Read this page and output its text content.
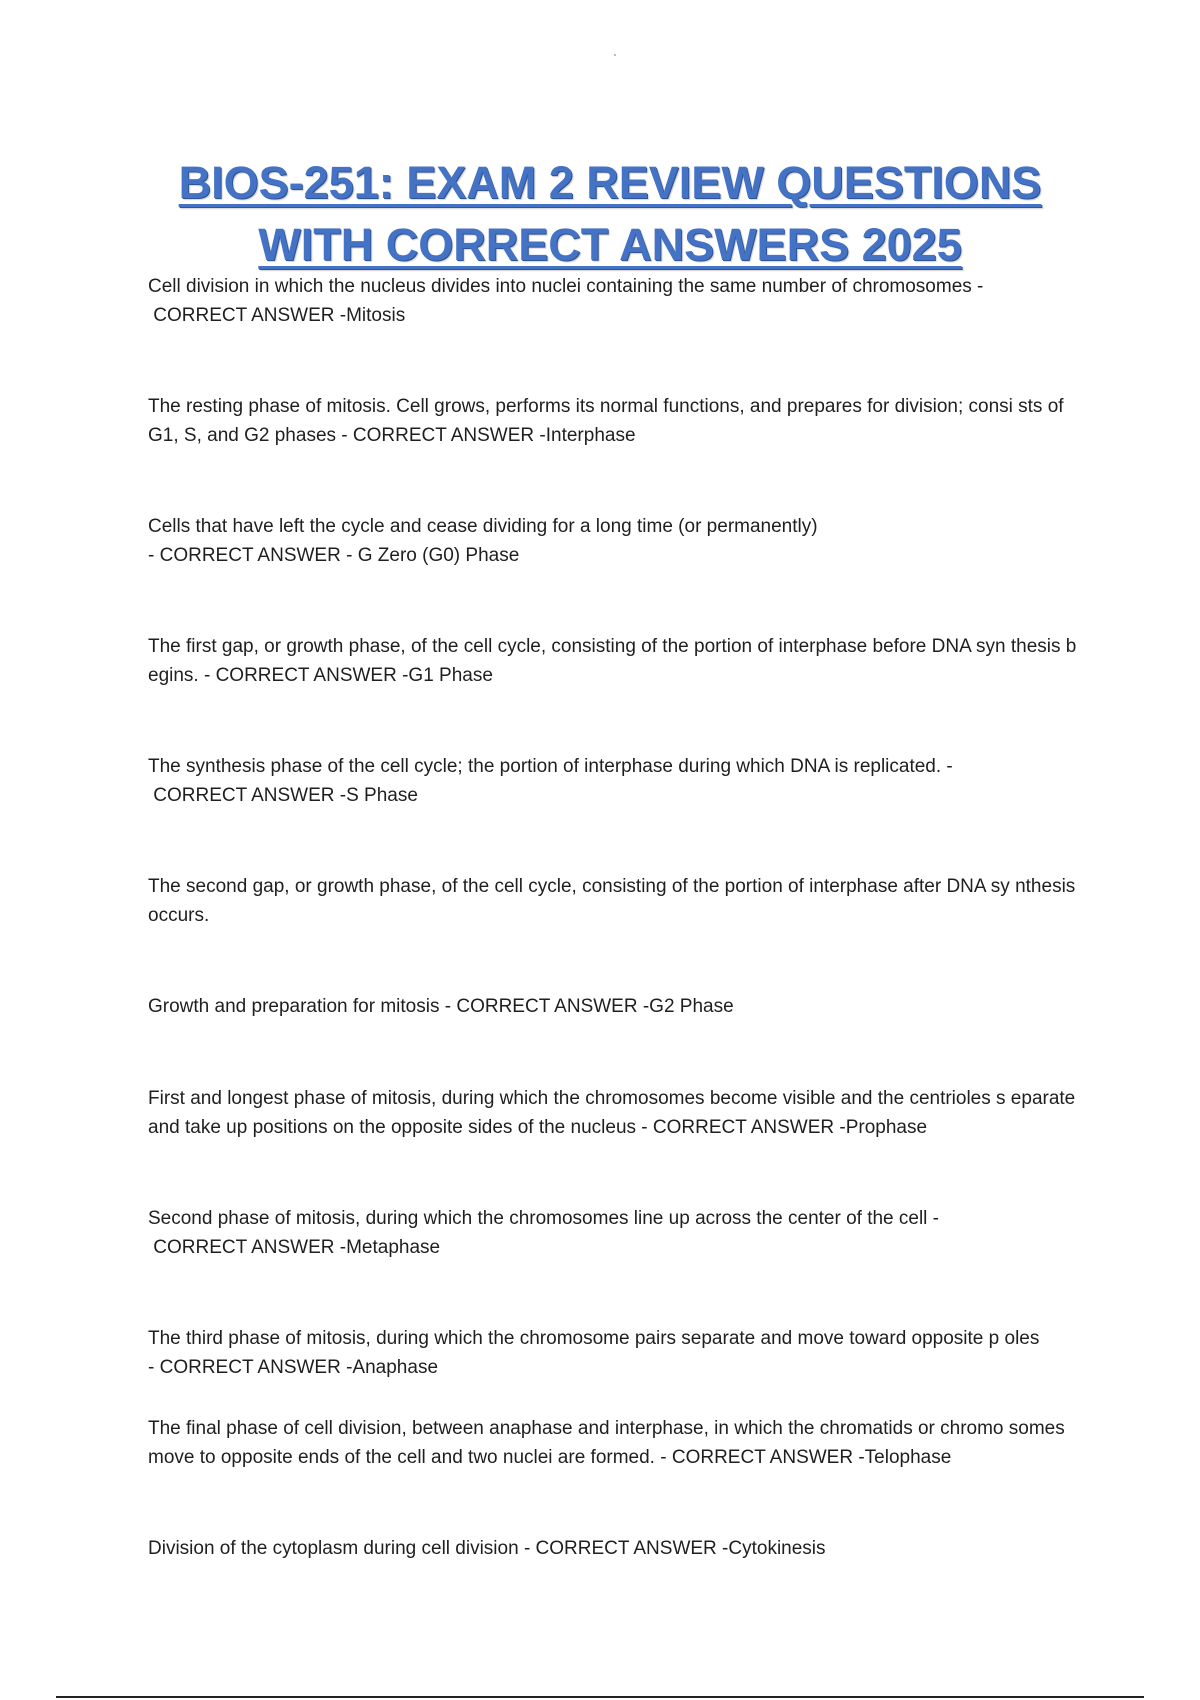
BIOS-251: EXAM 2 REVIEW QUESTIONS WITH CORRECT ANSWERS 2025
Cell division in which the nucleus divides into nuclei containing the same number of chromosomes -
CORRECT ANSWER -Mitosis
The resting phase of mitosis. Cell grows, performs its normal functions, and prepares for division; consi sts of G1, S, and G2 phases - CORRECT ANSWER -Interphase
Cells that have left the cycle and cease dividing for a long time (or permanently) - CORRECT ANSWER - G Zero (G0) Phase
The first gap, or growth phase, of the cell cycle, consisting of the portion of interphase before DNA syn thesis begins. - CORRECT ANSWER -G1 Phase
The synthesis phase of the cell cycle; the portion of interphase during which DNA is replicated. -
CORRECT ANSWER -S Phase
The second gap, or growth phase, of the cell cycle, consisting of the portion of interphase after DNA sy nthesis occurs.
Growth and preparation for mitosis - CORRECT ANSWER -G2 Phase
First and longest phase of mitosis, during which the chromosomes become visible and the centrioles s eparate and take up positions on the opposite sides of the nucleus - CORRECT ANSWER -Prophase
Second phase of mitosis, during which the chromosomes line up across the center of the cell -
CORRECT ANSWER -Metaphase
The third phase of mitosis, during which the chromosome pairs separate and move toward opposite p oles - CORRECT ANSWER -Anaphase
The final phase of cell division, between anaphase and interphase, in which the chromatids or chromo somes move to opposite ends of the cell and two nuclei are formed. - CORRECT ANSWER -Telophase
Division of the cytoplasm during cell division - CORRECT ANSWER -Cytokinesis
